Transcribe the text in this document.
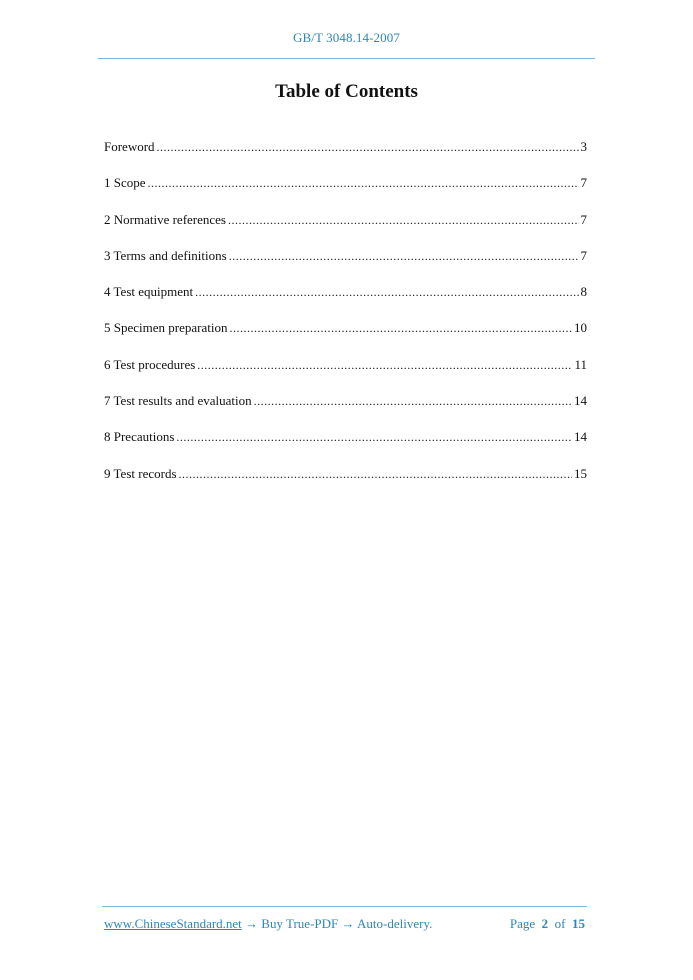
GB/T 3048.14-2007
Table of Contents
Foreword .....	3
1 Scope .....	7
2 Normative references .....	7
3 Terms and definitions .....	7
4 Test equipment .....	8
5 Specimen preparation .....	10
6 Test procedures .....	11
7 Test results and evaluation .....	14
8 Precautions .....	14
9 Test records .....	15
www.ChineseStandard.net → Buy True-PDF → Auto-delivery.	Page 2 of 15
